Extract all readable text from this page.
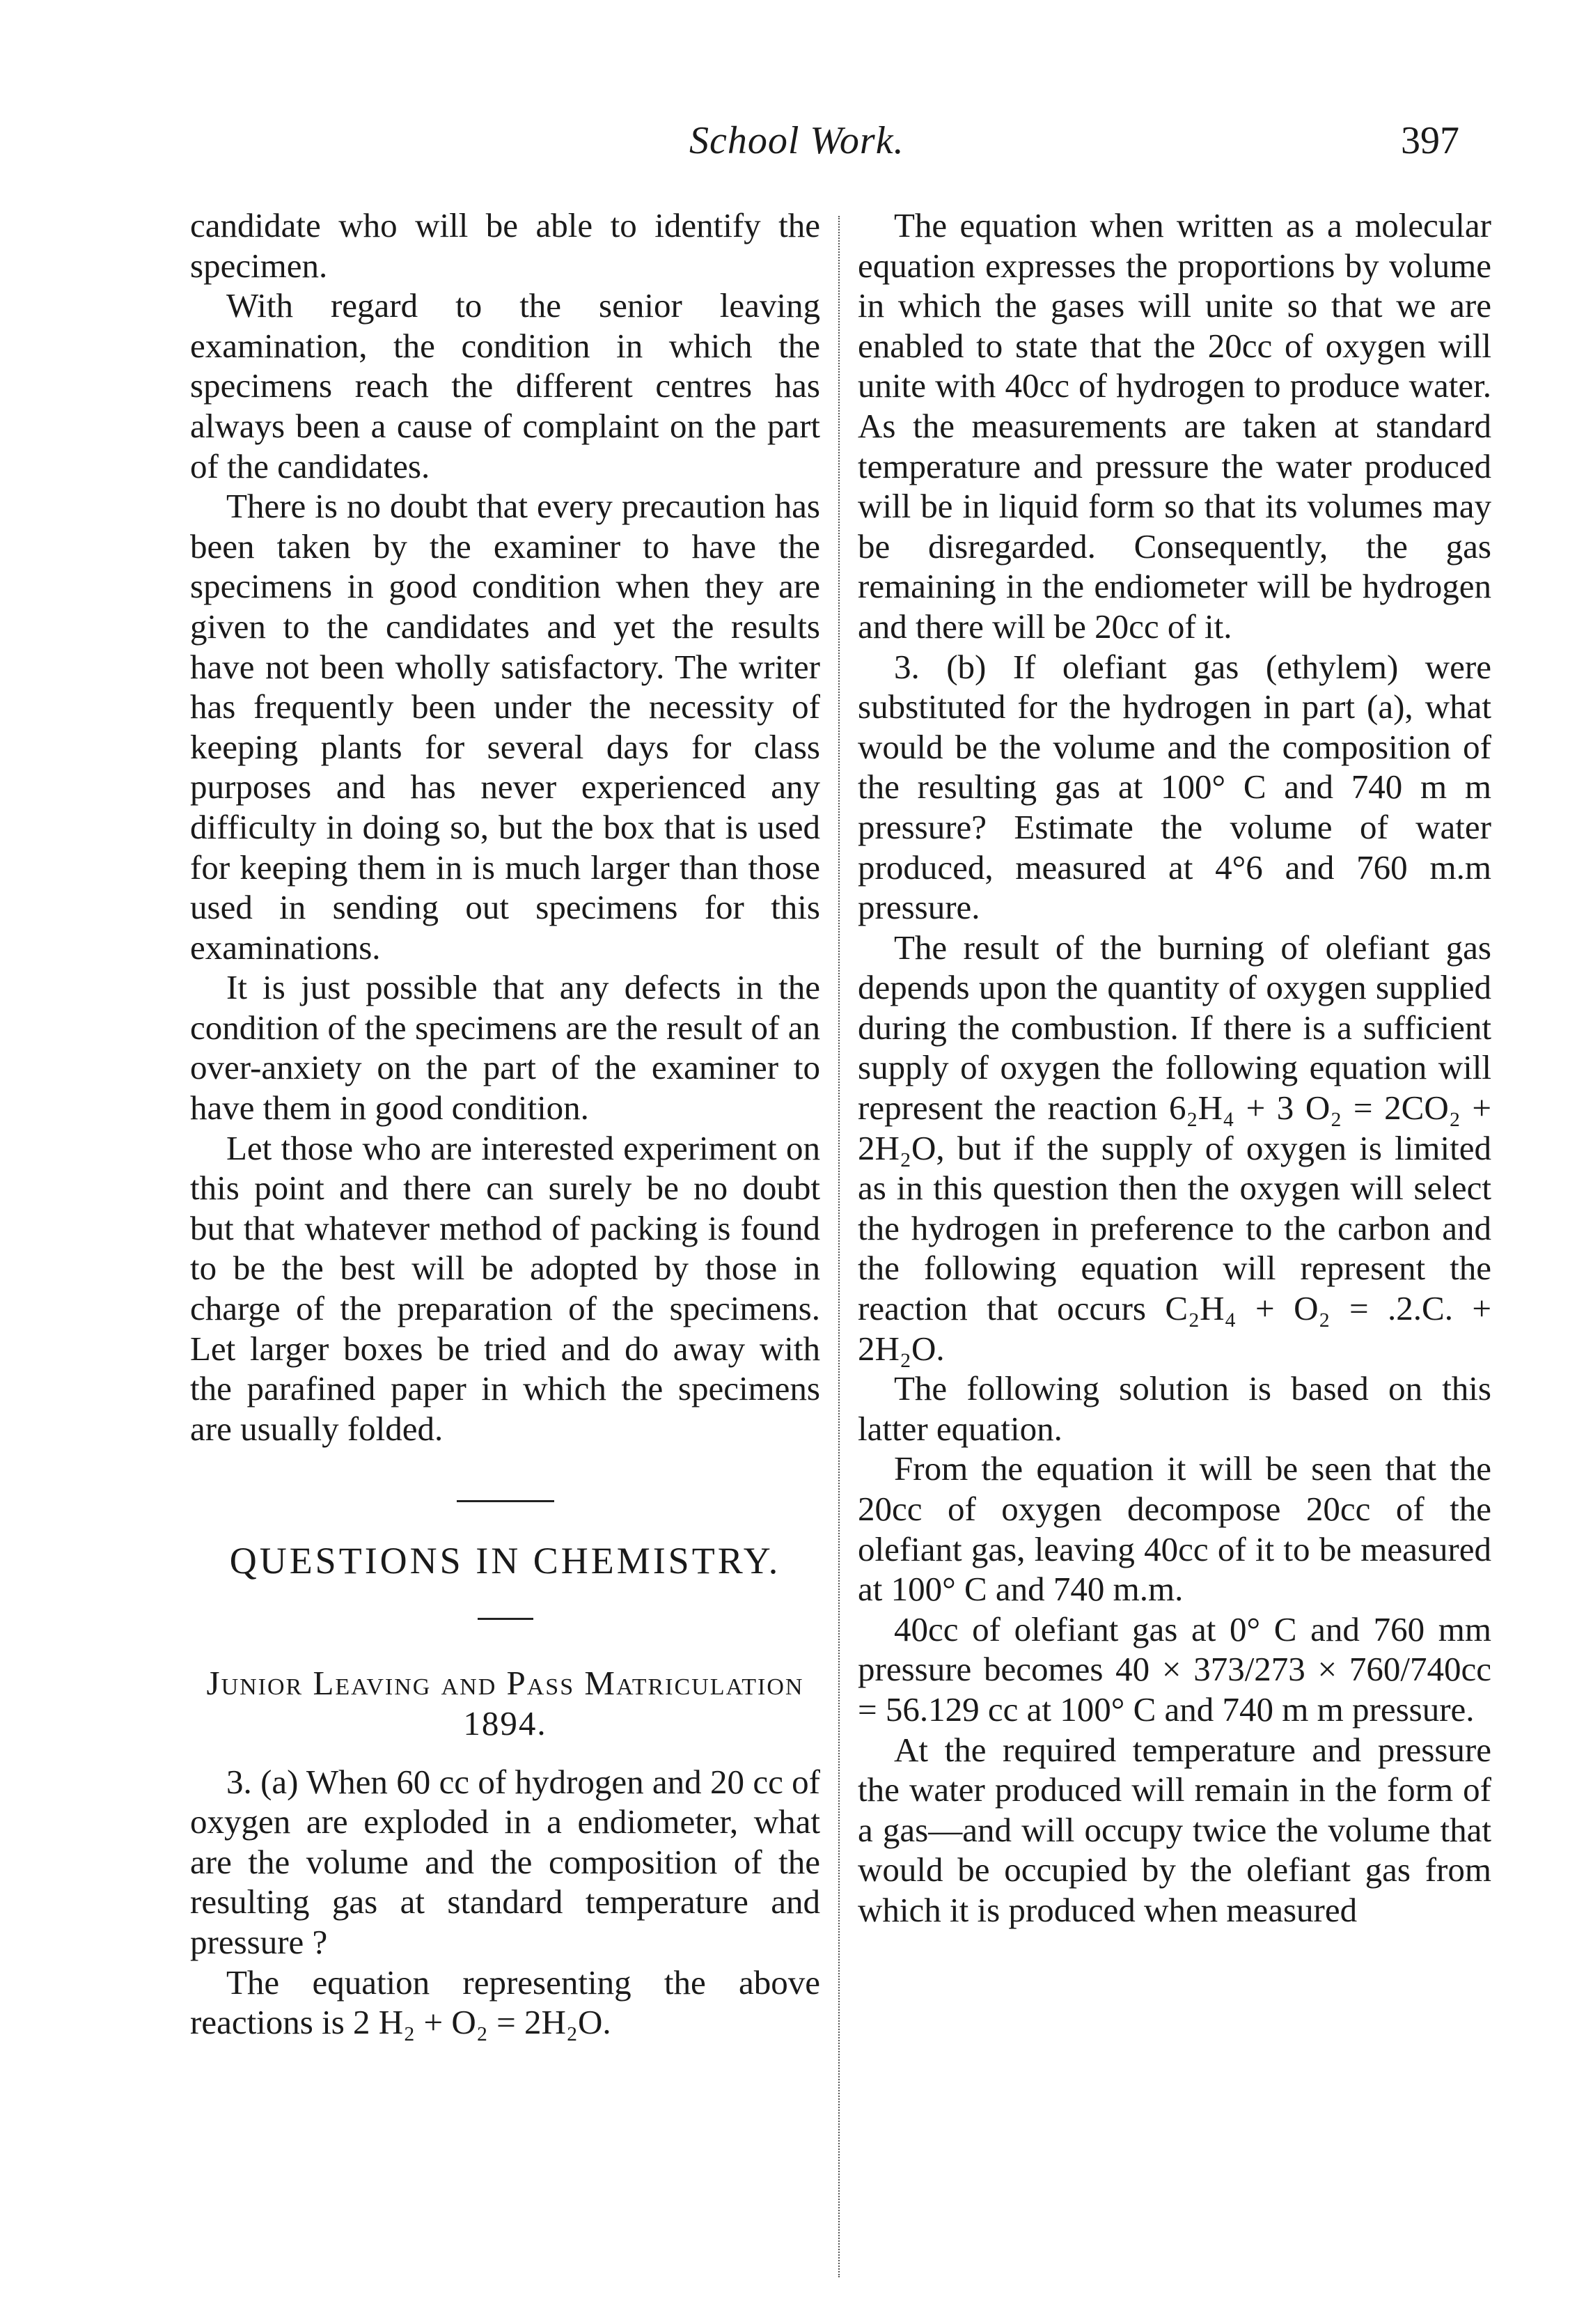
School Work.	397

candidate who will be able to identify the specimen.

With regard to the senior leaving examination, the condition in which the specimens reach the different centres has always been a cause of complaint on the part of the candidates.

There is no doubt that every precaution has been taken by the examiner to have the specimens in good condition when they are given to the candidates and yet the results have not been wholly satisfactory. The writer has frequently been under the necessity of keeping plants for several days for class purposes and has never experienced any difficulty in doing so, but the box that is used for keeping them in is much larger than those used in sending out specimens for this examinations.

It is just possible that any defects in the condition of the specimens are the result of an over-anxiety on the part of the examiner to have them in good condition.

Let those who are interested experiment on this point and there can surely be no doubt but that whatever method of packing is found to be the best will be adopted by those in charge of the preparation of the specimens. Let larger boxes be tried and do away with the parafined paper in which the specimens are usually folded.

QUESTIONS IN CHEMISTRY.
Junior Leaving and Pass Matriculation 1894.

3. (a) When 60 cc of hydrogen and 20 cc of oxygen are exploded in a endiometer, what are the volume and the composition of the resulting gas at standard temperature and pressure ?

The equation representing the above reactions is 2 H₂ + O₂ = 2H₂O.

The equation when written as a molecular equation expresses the proportions by volume in which the gases will unite so that we are enabled to state that the 20cc of oxygen will unite with 40cc of hydrogen to produce water. As the measurements are taken at standard temperature and pressure the water produced will be in liquid form so that its volumes may be disregarded. Consequently, the gas remaining in the endiometer will be hydrogen and there will be 20cc of it.

3. (b) If olefiant gas (ethylem) were substituted for the hydrogen in part (a), what would be the volume and the composition of the resulting gas at 100° C and 740 m m pressure? Estimate the volume of water produced, measured at 4°6 and 760 m.m pressure.

The result of the burning of olefiant gas depends upon the quantity of oxygen supplied during the combustion. If there is a sufficient supply of oxygen the following equation will represent the reaction 6₂H₄ + 3 O₂ = 2CO₂ + 2H₂O, but if the supply of oxygen is limited as in this question then the oxygen will select the hydrogen in preference to the carbon and the following equation will represent the reaction that occurs C₂H₄ + O₂ = .2.C. + 2H₂O.

The following solution is based on this latter equation.

From the equation it will be seen that the 20cc of oxygen decompose 20cc of the olefiant gas, leaving 40cc of it to be measured at 100° C and 740 m.m.

40cc of olefiant gas at 0° C and 760 mm pressure becomes 40 × 373/273 × 760/740cc = 56.129 cc at 100° C and 740 m m pressure.

At the required temperature and pressure the water produced will remain in the form of a gas—and will occupy twice the volume that would be occupied by the olefiant gas from which it is produced when measured
